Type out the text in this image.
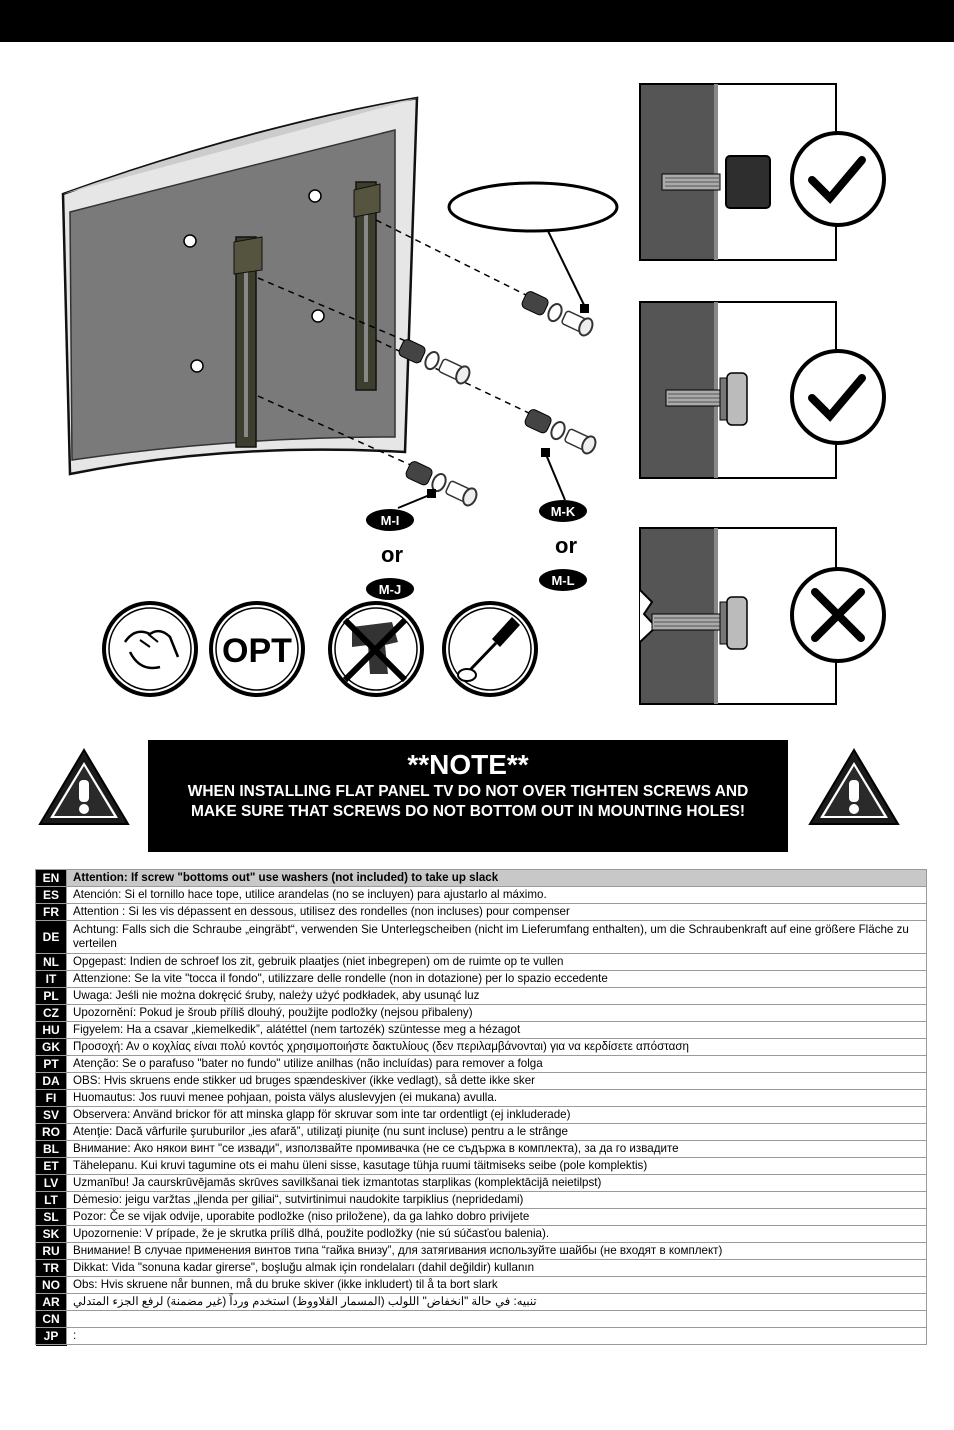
M-I
or
M-J
M-K
or
M-L
OPT
**NOTE**
WHEN INSTALLING FLAT PANEL TV DO NOT OVER TIGHTEN SCREWS AND MAKE SURE THAT SCREWS DO NOT BOTTOM OUT IN MOUNTING HOLES!
EN	Attention: If screw "bottoms out" use washers (not included) to take up slack
ES	Atención: Si el tornillo hace tope, utilice arandelas (no se incluyen) para ajustarlo al máximo.
FR	Attention : Si les vis dépassent en dessous, utilisez des rondelles (non incluses) pour compenser
DE	Achtung: Falls sich die Schraube „eingräbt“, verwenden Sie Unterlegscheiben (nicht im Lieferumfang enthalten), um die Schraubenkraft auf eine größere Fläche zu verteilen
NL	Opgepast: Indien de schroef los zit, gebruik plaatjes (niet inbegrepen) om de ruimte op te vullen
IT	Attenzione: Se la vite "tocca il fondo", utilizzare delle rondelle (non in dotazione) per lo spazio eccedente
PL	Uwaga: Jeśli nie można dokręcić śruby, należy użyć podkładek, aby usunąć luz
CZ	Upozornění: Pokud je šroub příliš dlouhý, použijte podložky (nejsou přibaleny)
HU	Figyelem: Ha a csavar „kiemelkedik”, alátéttel (nem tartozék) szüntesse meg a hézagot
GK	Προσοχή: Αν ο κοχλίας είναι πολύ κοντός χρησιμοποιήστε δακτυλίους (δεν περιλαμβάνονται) για να κερδίσετε απόσταση
PT	Atenção: Se o parafuso "bater no fundo" utilize anilhas (não incluídas) para remover a folga
DA	OBS: Hvis skruens ende stikker ud bruges spændeskiver (ikke vedlagt), så dette ikke sker
FI	Huomautus: Jos ruuvi menee pohjaan, poista välys aluslevyjen (ei mukana) avulla.
SV	Observera: Använd brickor för att minska glapp för skruvar som inte tar ordentligt (ej inkluderade)
RO	Atenţie: Dacă vârfurile şuruburilor „ies afară”, utilizaţi piuniţe (nu sunt incluse) pentru a le strânge
BL	Внимание: Ако някои винт "се извади", използвайте промивачка (не се съдържа в комплекта), за да го извадите
ET	Tähelepanu. Kui kruvi tagumine ots ei mahu üleni sisse, kasutage tühja ruumi täitmiseks seibe (pole komplektis)
LV	Uzmanību! Ja caurskrūvējamās skrūves savilkšanai tiek izmantotas starplikas (komplektācijā neietilpst)
LT	Dėmesio: jeigu varžtas „įlenda per giliai“, sutvirtinimui naudokite tarpiklius (nepridedami)
SL	Pozor: Če se vijak odvije, uporabite podložke (niso priložene), da ga lahko dobro privijete
SK	Upozornenie: V prípade, že je skrutka príliš dlhá, použite podložky (nie sú súčasťou balenia).
RU	Внимание! В случае применения винтов типа “гайка внизу”, для затягивания используйте шайбы (не входят в комплект)
TR	Dikkat: Vida "sonuna kadar girerse", boşluğu almak için rondelaları (dahil değildir) kullanın
NO	Obs: Hvis skruene når bunnen, må du bruke skiver (ikke inkludert) til å ta bort slark
AR	تنبيه: في حالة "انخفاض" اللولب (المسمار القلاووظ) استخدم ورداً (غير مضمنة) لرفع الجزء المتدلي
CN	
JP	:
